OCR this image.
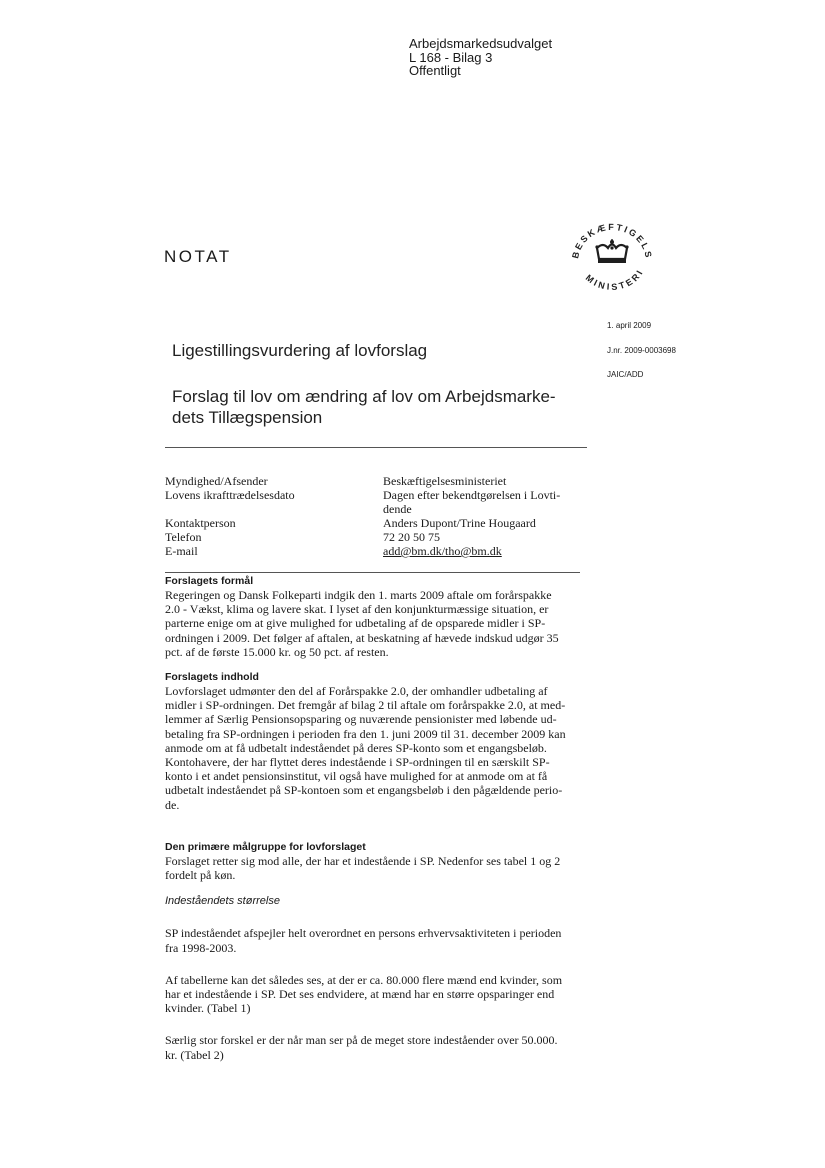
Arbejdsmarkedsudvalget
L 168 - Bilag 3
Offentligt
NOTAT	BESKÆFTIGELS
MINISTERI
1. april 2009
J.nr. 2009-0003698
JAIC/ADD
Ligestillingsvurdering af lovforslag
Forslag til lov om ændring af lov om Arbejdsmarke-
dets Tillægspension
Myndighed/Afsender	Beskæftigelsesministeriet
Lovens ikrafttrædelsesdato	Dagen efter bekendtgørelsen i Lovti-
dende
Kontaktperson	Anders Dupont/Trine Hougaard
Telefon	72 20 50 75
E-mail	add@bm.dk/tho@bm.dk
Forslagets formål

Regeringen og Dansk Folkeparti indgik den 1. marts 2009 aftale om forårspakke
2.0 - Vækst, klima og lavere skat. I lyset af den konjunkturmæssige situation, er
parterne enige om at give mulighed for udbetaling af de opsparede midler i SP-
ordningen i 2009. Det følger af aftalen, at beskatning af hævede indskud udgør 35
pct. af de første 15.000 kr. og 50 pct. af resten.

Forslagets indhold

Lovforslaget udmønter den del af Forårspakke 2.0, der omhandler udbetaling af
midler i SP-ordningen. Det fremgår af bilag 2 til aftale om forårspakke 2.0, at med-
lemmer af Særlig Pensionsopsparing og nuværende pensionister med løbende ud-
betaling fra SP-ordningen i perioden fra den 1. juni 2009 til 31. december 2009 kan
anmode om at få udbetalt indeståendet på deres SP-konto som et engangsbeløb.
Kontohavere, der har flyttet deres indestående i SP-ordningen til en særskilt SP-
konto i et andet pensionsinstitut, vil også have mulighed for at anmode om at få
udbetalt indeståendet på SP-kontoen som et engangsbeløb i den pågældende perio-
de.

Den primære målgruppe for lovforslaget

Forslaget retter sig mod alle, der har et indestående i SP. Nedenfor ses tabel 1 og 2
fordelt på køn.

Indeståendets størrelse

SP indeståendet afspejler helt overordnet en persons erhvervsaktiviteten i perioden
fra 1998-2003.

Af tabellerne kan det således ses, at der er ca. 80.000 flere mænd end kvinder, som
har et indestående i SP. Det ses endvidere, at mænd har en større opsparinger end
kvinder. (Tabel 1)

Særlig stor forskel er der når man ser på de meget store indeståender over 50.000.
kr. (Tabel 2)
